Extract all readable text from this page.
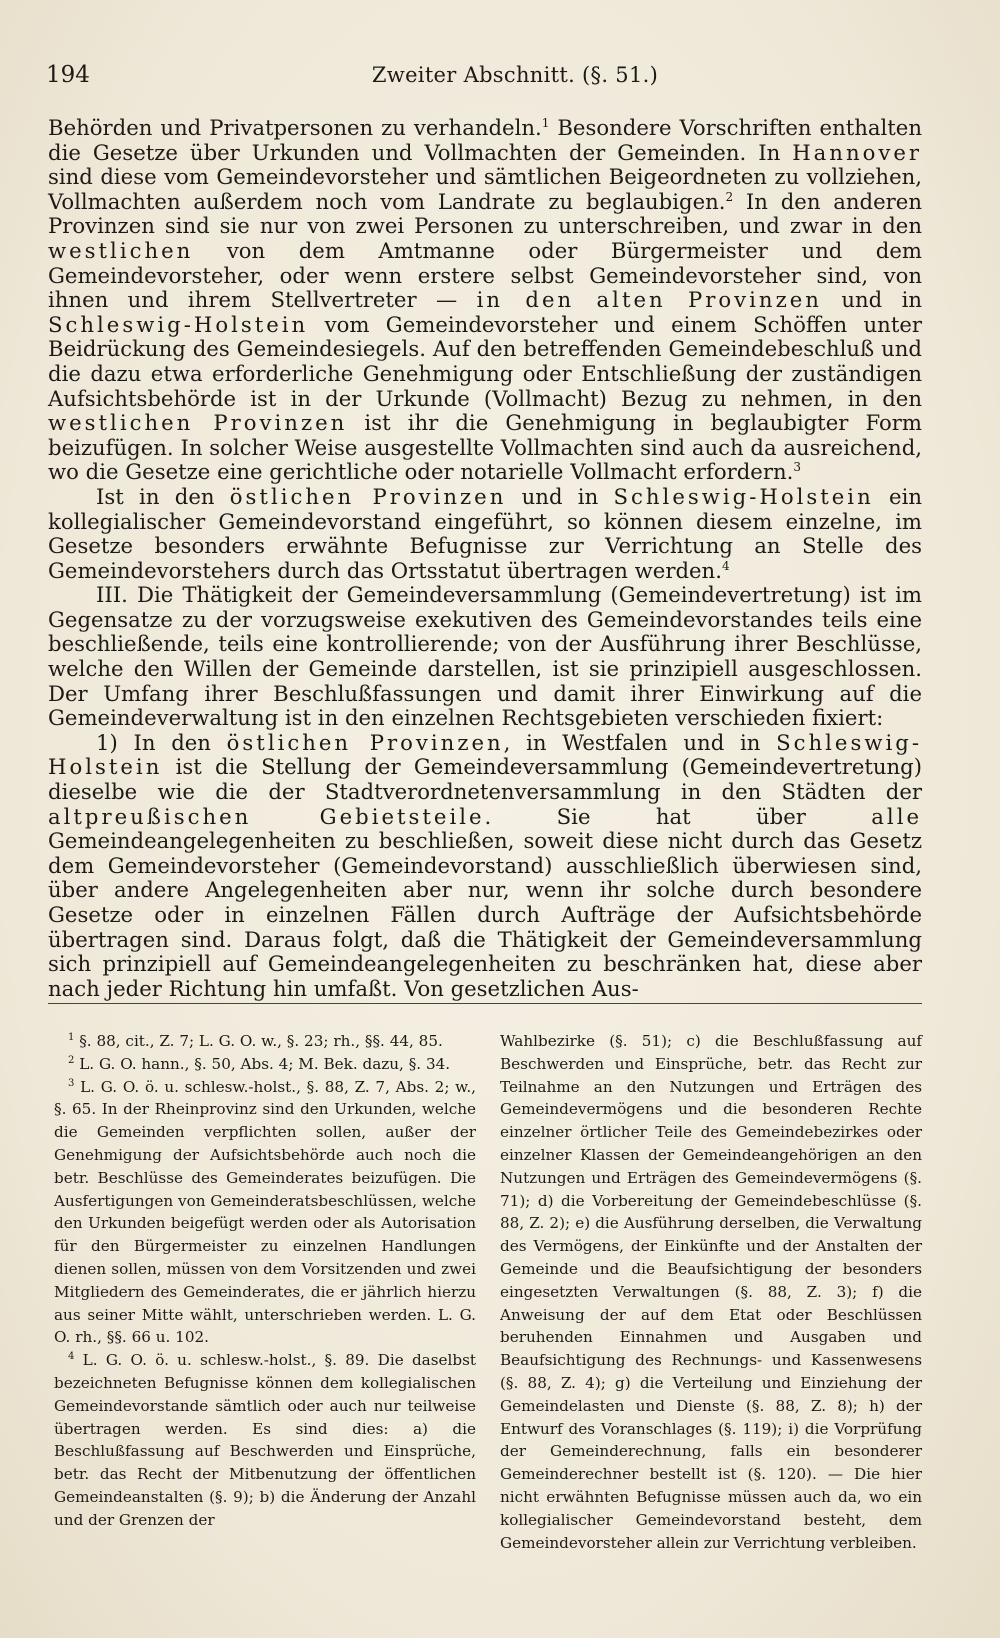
194	Zweiter Abschnitt. (§. 51.)

Behörden und Privatpersonen zu verhandeln.$^1$ Besondere Vorschriften enthalten die Gesetze über Urkunden und Vollmachten der Gemeinden. In Hannover sind diese vom Gemeindevorsteher und sämtlichen Beigeordneten zu vollziehen, Vollmachten außerdem noch vom Landrate zu beglaubigen.$^2$ In den anderen Provinzen sind sie nur von zwei Personen zu unterschreiben, und zwar in den westlichen von dem Amtmanne oder Bürgermeister und dem Gemeindevorsteher, oder wenn erstere selbst Gemeindevorsteher sind, von ihnen und ihrem Stellvertreter — in den alten Provinzen und in Schleswig-Holstein vom Gemeindevorsteher und einem Schöffen unter Beidrückung des Gemeindesiegels. Auf den betreffenden Gemeindebeschluß und die dazu etwa erforderliche Genehmigung oder Entschließung der zuständigen Aufsichtsbehörde ist in der Urkunde (Vollmacht) Bezug zu nehmen, in den westlichen Provinzen ist ihr die Genehmigung in beglaubigter Form beizufügen. In solcher Weise ausgestellte Vollmachten sind auch da ausreichend, wo die Gesetze eine gerichtliche oder notarielle Vollmacht erfordern.$^3$

Ist in den östlichen Provinzen und in Schleswig-Holstein ein kollegialischer Gemeindevorstand eingeführt, so können diesem einzelne, im Gesetze besonders erwähnte Befugnisse zur Verrichtung an Stelle des Gemeindevorstehers durch das Ortsstatut übertragen werden.$^4$

III. Die Thätigkeit der Gemeindeversammlung (Gemeindevertretung) ist im Gegensatze zu der vorzugsweise exekutiven des Gemeindevorstandes teils eine beschließende, teils eine kontrollierende; von der Ausführung ihrer Beschlüsse, welche den Willen der Gemeinde darstellen, ist sie prinzipiell ausgeschlossen. Der Umfang ihrer Beschlußfassungen und damit ihrer Einwirkung auf die Gemeindeverwaltung ist in den einzelnen Rechtsgebieten verschieden fixiert:

1) In den östlichen Provinzen, in Westfalen und in Schleswig-Holstein ist die Stellung der Gemeindeversammlung (Gemeindevertretung) dieselbe wie die der Stadtverordnetenversammlung in den Städten der altpreußischen Gebietsteile. Sie hat über alle Gemeindeangelegenheiten zu beschließen, soweit diese nicht durch das Gesetz dem Gemeindevorsteher (Gemeindevorstand) ausschließlich überwiesen sind, über andere Angelegenheiten aber nur, wenn ihr solche durch besondere Gesetze oder in einzelnen Fällen durch Aufträge der Aufsichtsbehörde übertragen sind. Daraus folgt, daß die Thätigkeit der Gemeindeversammlung sich prinzipiell auf Gemeindeangelegenheiten zu beschränken hat, diese aber nach jeder Richtung hin umfaßt. Von gesetzlichen Aus-

$^1$ §. 88, cit., Z. 7; L. G. O. w., §. 23; rh., §§. 44, 85.

$^2$ L. G. O. hann., §. 50, Abs. 4; M. Bek. dazu, §. 34.

$^3$ L. G. O. ö. u. schlesw.-holst., §. 88, Z. 7, Abs. 2; w., §. 65. In der Rheinprovinz sind den Urkunden, welche die Gemeinden verpflichten sollen, außer der Genehmigung der Aufsichtsbehörde auch noch die betr. Beschlüsse des Gemeinderates beizufügen. Die Ausfertigungen von Gemeinderatsbeschlüssen, welche den Urkunden beigefügt werden oder als Autorisation für den Bürgermeister zu einzelnen Handlungen dienen sollen, müssen von dem Vorsitzenden und zwei Mitgliedern des Gemeinderates, die er jährlich hierzu aus seiner Mitte wählt, unterschrieben werden. L. G. O. rh., §§. 66 u. 102.

$^4$ L. G. O. ö. u. schlesw.-holst., §. 89. Die daselbst bezeichneten Befugnisse können dem kollegialischen Gemeindevorstande sämtlich oder auch nur teilweise übertragen werden. Es sind dies: a) die Beschlußfassung auf Beschwerden und Einsprüche, betr. das Recht der Mitbenutzung der öffentlichen Gemeindeanstalten (§. 9); b) die Änderung der Anzahl und der Grenzen der

Wahlbezirke (§. 51); c) die Beschlußfassung auf Beschwerden und Einsprüche, betr. das Recht zur Teilnahme an den Nutzungen und Erträgen des Gemeindevermögens und die besonderen Rechte einzelner örtlicher Teile des Gemeindebezirkes oder einzelner Klassen der Gemeindeangehörigen an den Nutzungen und Erträgen des Gemeindevermögens (§. 71); d) die Vorbereitung der Gemeindebeschlüsse (§. 88, Z. 2); e) die Ausführung derselben, die Verwaltung des Vermögens, der Einkünfte und der Anstalten der Gemeinde und die Beaufsichtigung der besonders eingesetzten Verwaltungen (§. 88, Z. 3); f) die Anweisung der auf dem Etat oder Beschlüssen beruhenden Einnahmen und Ausgaben und Beaufsichtigung des Rechnungs- und Kassenwesens (§. 88, Z. 4); g) die Verteilung und Einziehung der Gemeindelasten und Dienste (§. 88, Z. 8); h) der Entwurf des Voranschlages (§. 119); i) die Vorprüfung der Gemeinderechnung, falls ein besonderer Gemeinderechner bestellt ist (§. 120). — Die hier nicht erwähnten Befugnisse müssen auch da, wo ein kollegialischer Gemeindevorstand besteht, dem Gemeindevorsteher allein zur Verrichtung verbleiben.
